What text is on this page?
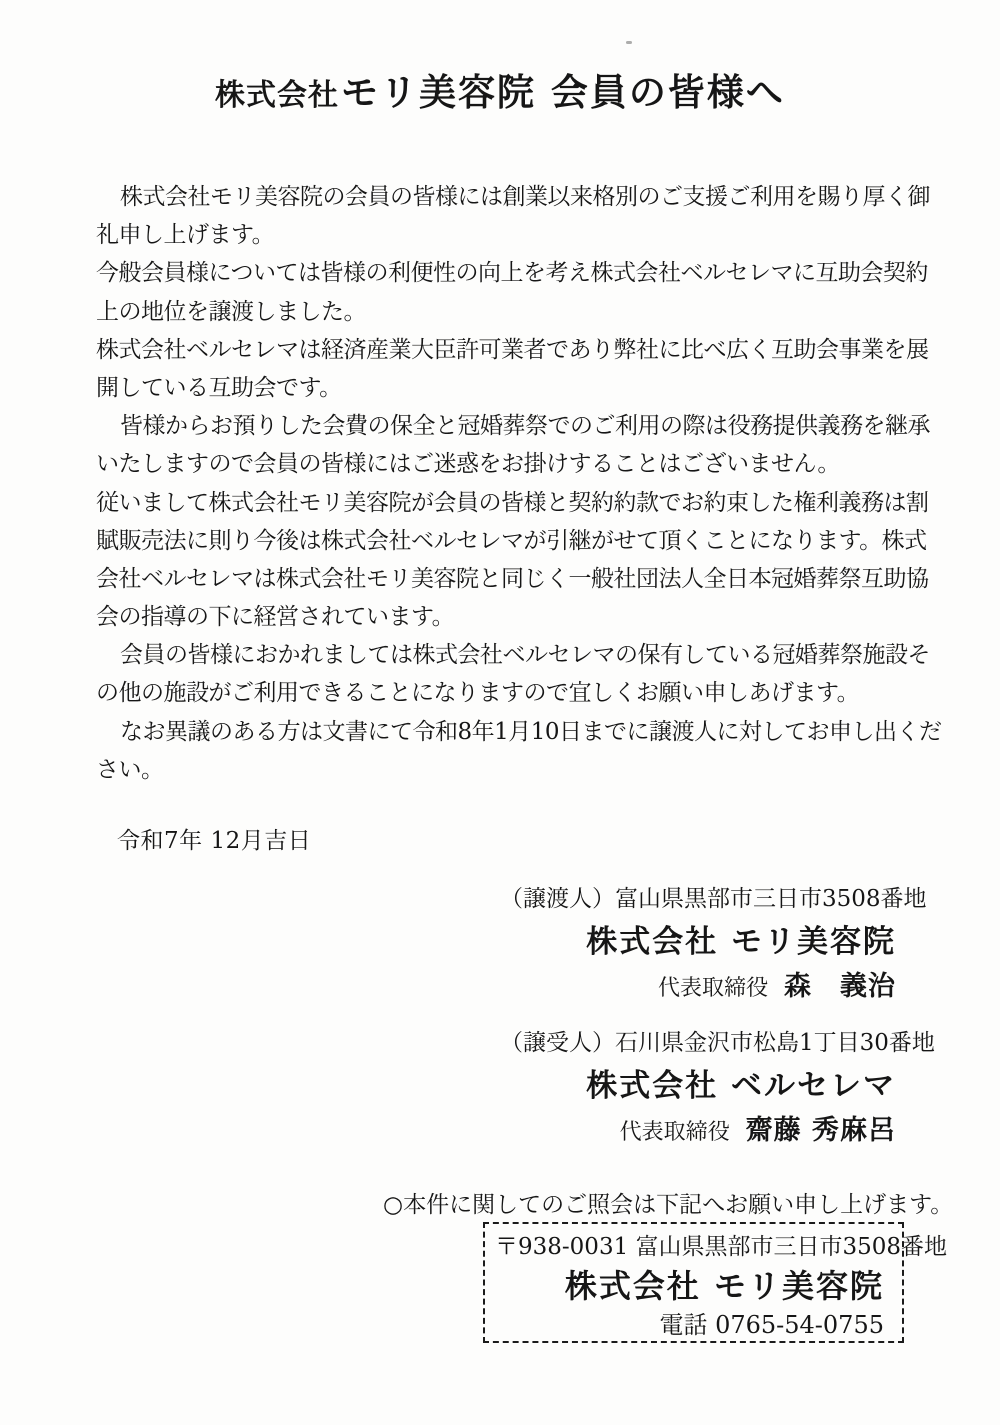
株式会社モリ美容院 会員の皆様へ
株式会社モリ美容院の会員の皆様には創業以来格別のご支援ご利用を賜り厚く御
礼申し上げます。
今般会員様については皆様の利便性の向上を考え株式会社ベルセレマに互助会契約
上の地位を譲渡しました。
株式会社ベルセレマは経済産業大臣許可業者であり弊社に比べ広く互助会事業を展
開している互助会です。
皆様からお預りした会費の保全と冠婚葬祭でのご利用の際は役務提供義務を継承
いたしますので会員の皆様にはご迷惑をお掛けすることはございません。
従いまして株式会社モリ美容院が会員の皆様と契約約款でお約束した権利義務は割
賦販売法に則り今後は株式会社ベルセレマが引継がせて頂くことになります。株式
会社ベルセレマは株式会社モリ美容院と同じく一般社団法人全日本冠婚葬祭互助協
会の指導の下に経営されています。
会員の皆様におかれましては株式会社ベルセレマの保有している冠婚葬祭施設そ
の他の施設がご利用できることになりますので宜しくお願い申しあげます。
なお異議のある方は文書にて令和8年1月10日までに譲渡人に対してお申し出くだ
さい。
令和7年 12月吉日
（譲渡人） 富山県黒部市三日市3508番地
株式会社 モリ美容院
代表取締役 森　義治
（譲受人） 石川県金沢市松島1丁目30番地
株式会社 ベルセレマ
代表取締役 齋藤 秀麻呂
○本件に関してのご照会は下記へお願い申し上げます。
〒938-0031 富山県黒部市三日市3508番地
株式会社 モリ美容院
電話 0765-54-0755
